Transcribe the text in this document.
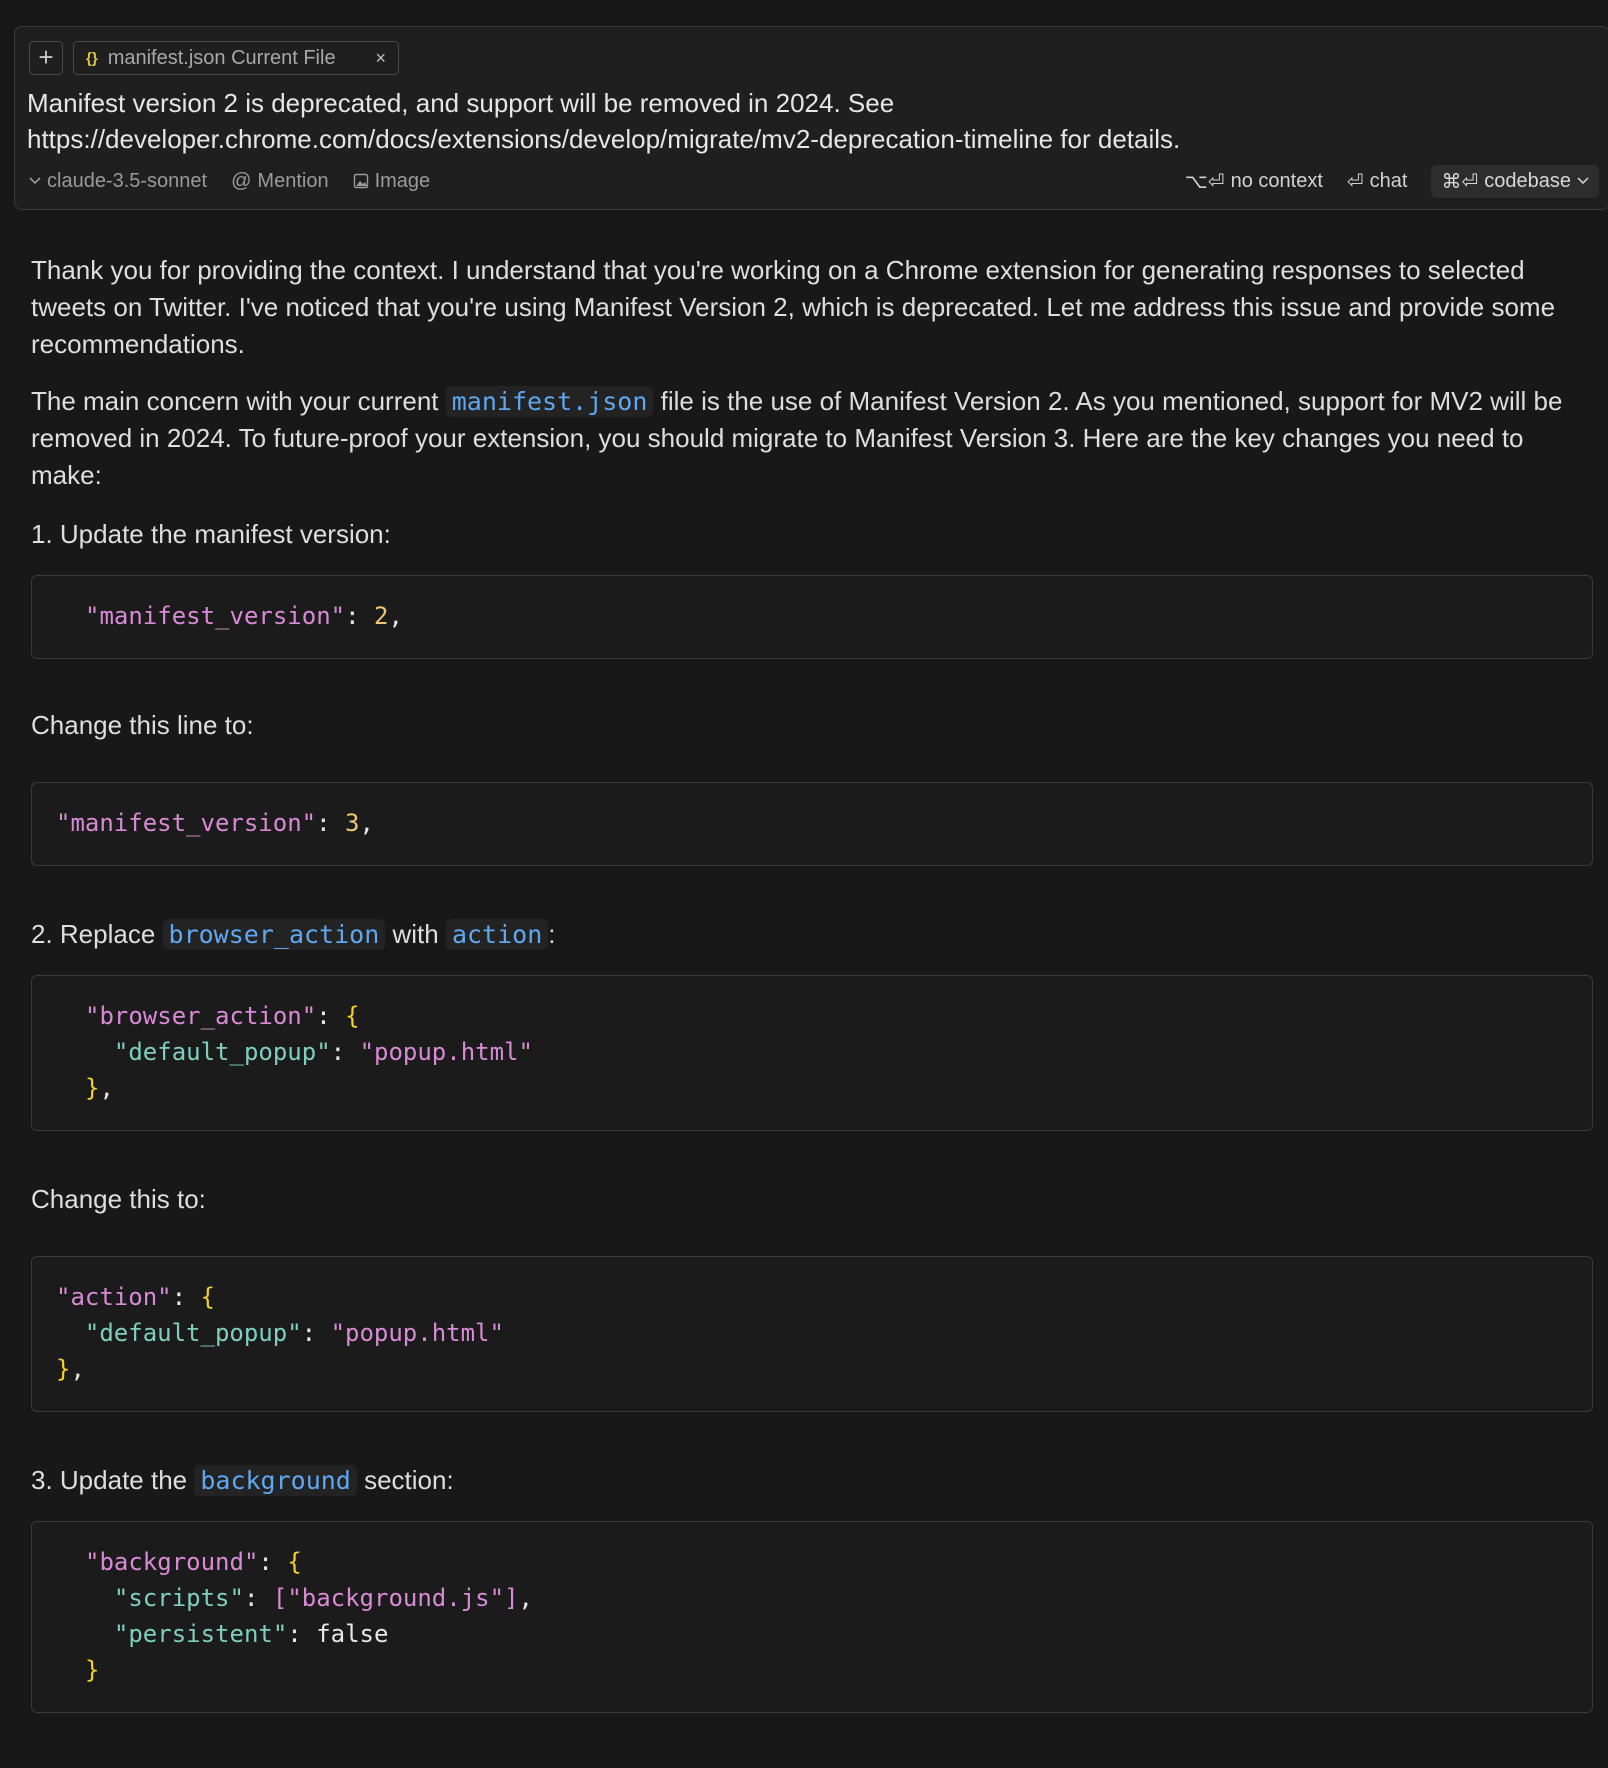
+	{} manifest.json Current File ×
Manifest version 2 is deprecated, and support will be removed in 2024. See
https://developer.chrome.com/docs/extensions/develop/migrate/mv2-deprecation-timeline for details.
claude-3.5-sonnet @ Mention Image	⌥⏎ no context ⏎ chat ⌘⏎ codebase

Thank you for providing the context. I understand that you're working on a Chrome extension for generating responses to selected tweets on Twitter. I've noticed that you're using Manifest Version 2, which is deprecated. Let me address this issue and provide some recommendations.

The main concern with your current manifest.json file is the use of Manifest Version 2. As you mentioned, support for MV2 will be removed in 2024. To future-proof your extension, you should migrate to Manifest Version 3. Here are the key changes you need to make:

1. Update the manifest version:
"manifest_version": 2,
Change this line to:
"manifest_version": 3,
2. Replace browser_action with action :
"browser_action": {
"default_popup": "popup.html"
},
Change this to:
"action": {
"default_popup": "popup.html"
},
3. Update the background section:
"background": {
"scripts": ["background.js"],
"persistent": false
}
